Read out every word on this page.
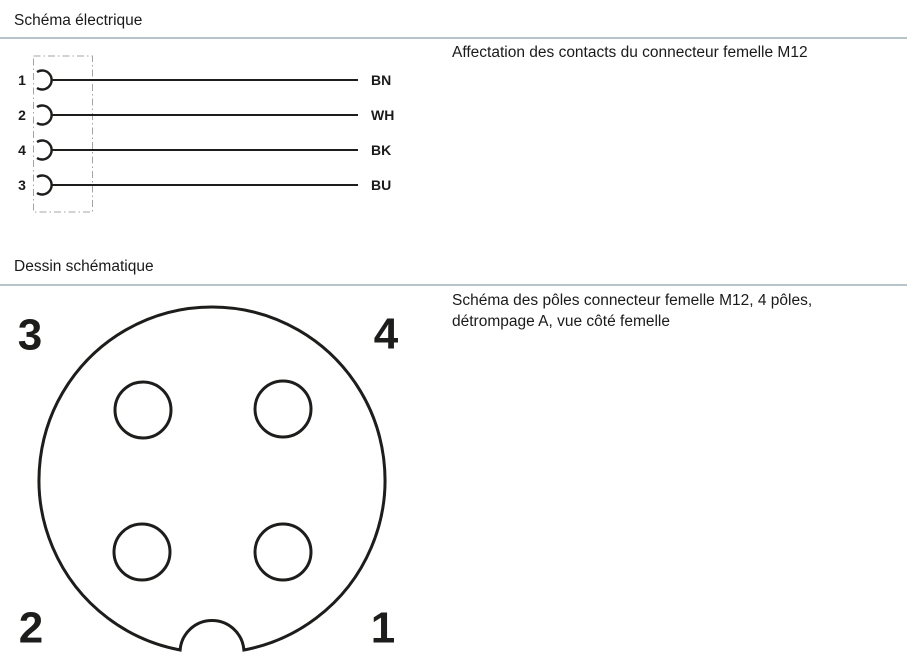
Schéma électrique
Affectation des contacts du connecteur femelle M12
1	BN
2	WH
4	BK
3	BU
Dessin schématique
Schéma des pôles connecteur femelle M12, 4 pôles,
détrompage A, vue côté femelle
3	4
2	1
